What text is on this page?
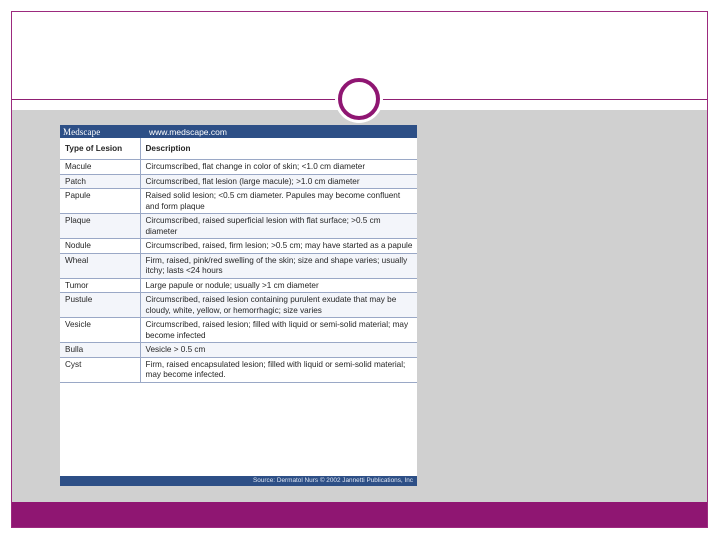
Medscape	www.medscape.com
Type of Lesion	Description
Macule	Circumscribed, flat change in color of skin; <1.0 cm diameter
Patch	Circumscribed, flat lesion (large macule); >1.0 cm diameter
Papule	Raised solid lesion; <0.5 cm diameter. Papules may become confluent and form plaque
Plaque	Circumscribed, raised superficial lesion with flat surface; >0.5 cm diameter
Nodule	Circumscribed, raised, firm lesion; >0.5 cm; may have started as a papule
Wheal	Firm, raised, pink/red swelling of the skin; size and shape varies; usually itchy; lasts <24 hours
Tumor	Large papule or nodule; usually >1 cm diameter
Pustule	Circumscribed, raised lesion containing purulent exudate that may be cloudy, white, yellow, or hemorrhagic; size varies
Vesicle	Circumscribed, raised lesion; filled with liquid or semi-solid material; may become infected
Bulla	Vesicle > 0.5 cm
Cyst	Firm, raised encapsulated lesion; filled with liquid or semi-solid material; may become infected.
Source: Dermatol Nurs © 2002 Jannetti Publications, Inc
